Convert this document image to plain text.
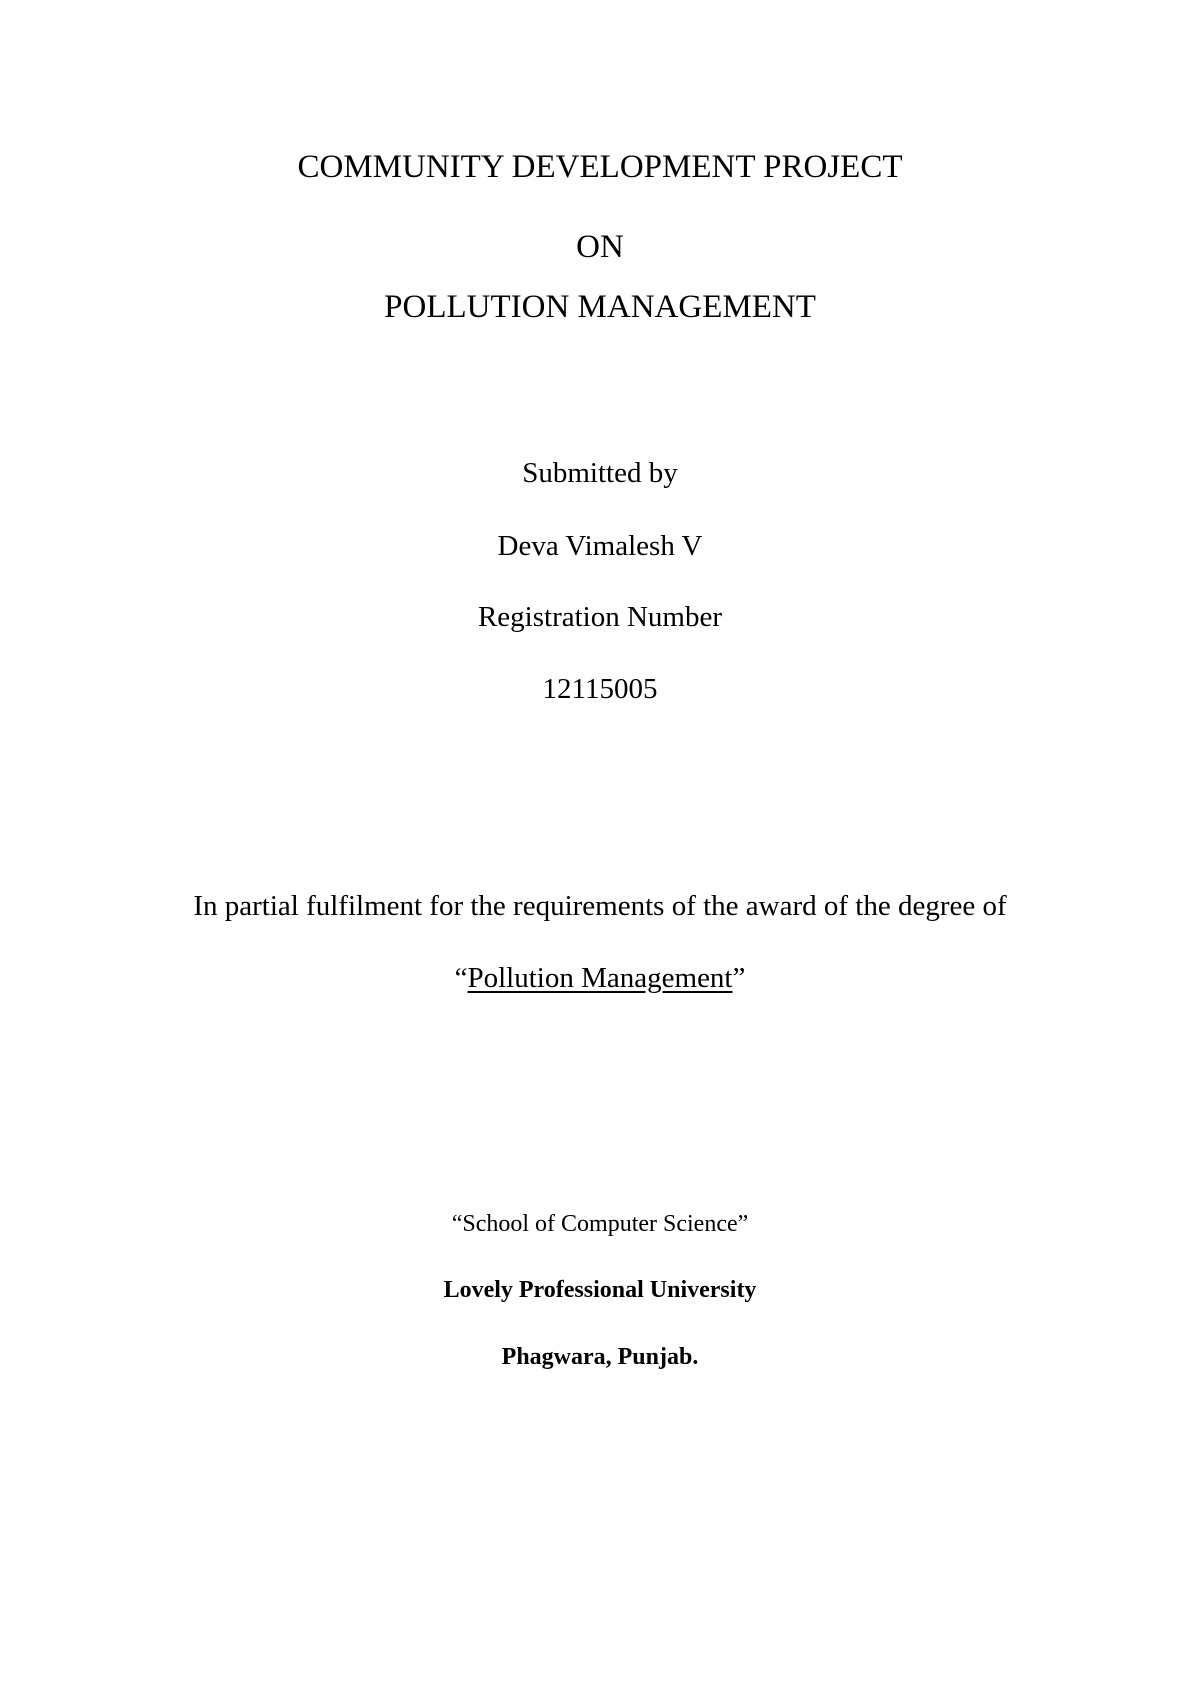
COMMUNITY DEVELOPMENT PROJECT
ON
POLLUTION MANAGEMENT
Submitted by
Deva Vimalesh V
Registration Number
12115005
In partial fulfilment for the requirements of the award of the degree of
“Pollution Management”
“School of Computer Science”
Lovely Professional University
Phagwara, Punjab.
